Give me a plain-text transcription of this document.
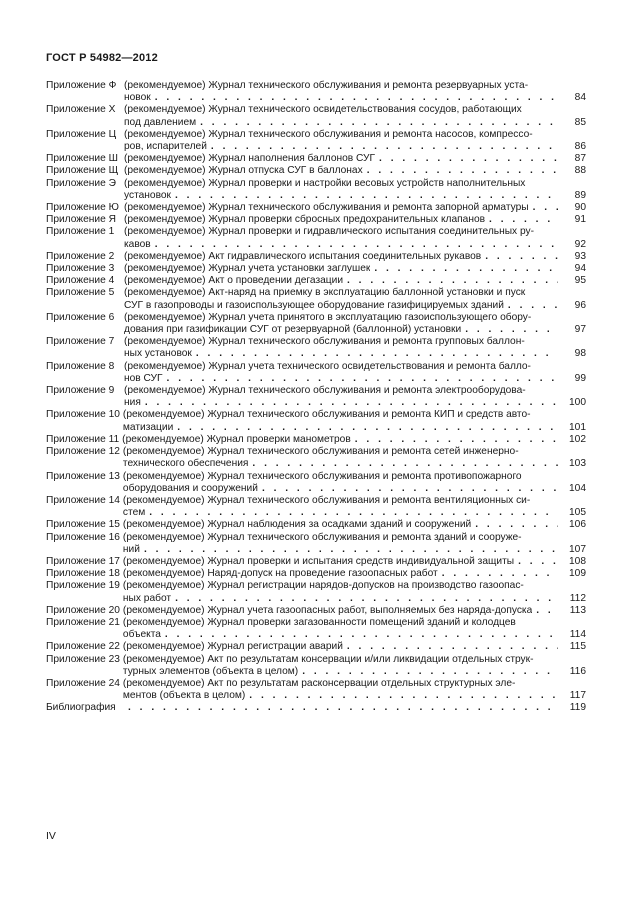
ГОСТ Р 54982—2012
Приложение Ф (рекомендуемое) Журнал технического обслуживания и ремонта резервуарных уста-
новок . . .	84
Приложение Х (рекомендуемое) Журнал технического освидетельствования сосудов, работающих
под давлением . . .	85
Приложение Ц (рекомендуемое) Журнал технического обслуживания и ремонта насосов, компрессо-
ров, испарителей . . .	86
Приложение Ш (рекомендуемое) Журнал наполнения баллонов СУГ . . .	87
Приложение Щ (рекомендуемое) Журнал отпуска СУГ в баллонах . . .	88
Приложение Э (рекомендуемое) Журнал проверки и настройки весовых устройств наполнительных
установок . . .	89
Приложение Ю (рекомендуемое) Журнал технического обслуживания и ремонта запорной арматуры . . .	90
Приложение Я (рекомендуемое) Журнал проверки сбросных предохранительных клапанов . . .	91
Приложение 1 (рекомендуемое) Журнал проверки и гидравлического испытания соединительных ру-
кавов . . .	92
Приложение 2 (рекомендуемое) Акт гидравлического испытания соединительных рукавов . . .	93
Приложение 3 (рекомендуемое) Журнал учета установки заглушек . . .	94
Приложение 4 (рекомендуемое) Акт о проведении дегазации . . .	95
Приложение 5 (рекомендуемое) Акт-наряд на приемку в эксплуатацию баллонной установки и пуск
СУГ в газопроводы и газоиспользующее оборудование газифицируемых зданий . . .	96
Приложение 6 (рекомендуемое) Журнал учета принятого в эксплуатацию газоиспользующего обору-
дования при газификации СУГ от резервуарной (баллонной) установки . . .	97
Приложение 7 (рекомендуемое) Журнал технического обслуживания и ремонта групповых баллон-
ных установок . . .	98
Приложение 8 (рекомендуемое) Журнал учета технического освидетельствования и ремонта баллo-
нов СУГ . . .	99
Приложение 9 (рекомендуемое) Журнал технического обслуживания и ремонта электрооборудова-
ния . . .	100
Приложение 10 (рекомендуемое) Журнал технического обслуживания и ремонта КИП и средств авто-
матизации . . .	101
Приложение 11 (рекомендуемое) Журнал проверки манометров . . .	102
Приложение 12 (рекомендуемое) Журнал технического обслуживания и ремонта сетей инженерно-
технического обеспечения . . .	103
Приложение 13 (рекомендуемое) Журнал технического обслуживания и ремонта противопожарного
оборудования и сооружений . . .	104
Приложение 14 (рекомендуемое) Журнал технического обслуживания и ремонта вентиляционных си-
стем . . .	105
Приложение 15 (рекомендуемое) Журнал наблюдения за осадками зданий и сооружений . . .	106
Приложение 16 (рекомендуемое) Журнал технического обслуживания и ремонта зданий и сооруже-
ний . . .	107
Приложение 17 (рекомендуемое) Журнал проверки и испытания средств индивидуальной защиты . . .	108
Приложение 18 (рекомендуемое) Наряд-допуск на проведение газоопасных работ . . .	109
Приложение 19 (рекомендуемое) Журнал регистрации нарядов-допусков на производство газоопас-
ных работ . . .	112
Приложение 20 (рекомендуемое) Журнал учета газоопасных работ, выполняемых без наряда-допуска . . .	113
Приложение 21 (рекомендуемое) Журнал проверки загазованности помещений зданий и колодцев
объекта . . .	114
Приложение 22 (рекомендуемое) Журнал регистрации аварий . . .	115
Приложение 23 (рекомендуемое) Акт по результатам консервации и/или ликвидации отдельных струк-
турных элементов (объекта в целом) . . .	116
Приложение 24 (рекомендуемое) Акт по результатам расконсервации отдельных структурных эле-
ментов (объекта в целом) . . .	117
Библиография . . .	119
IV
